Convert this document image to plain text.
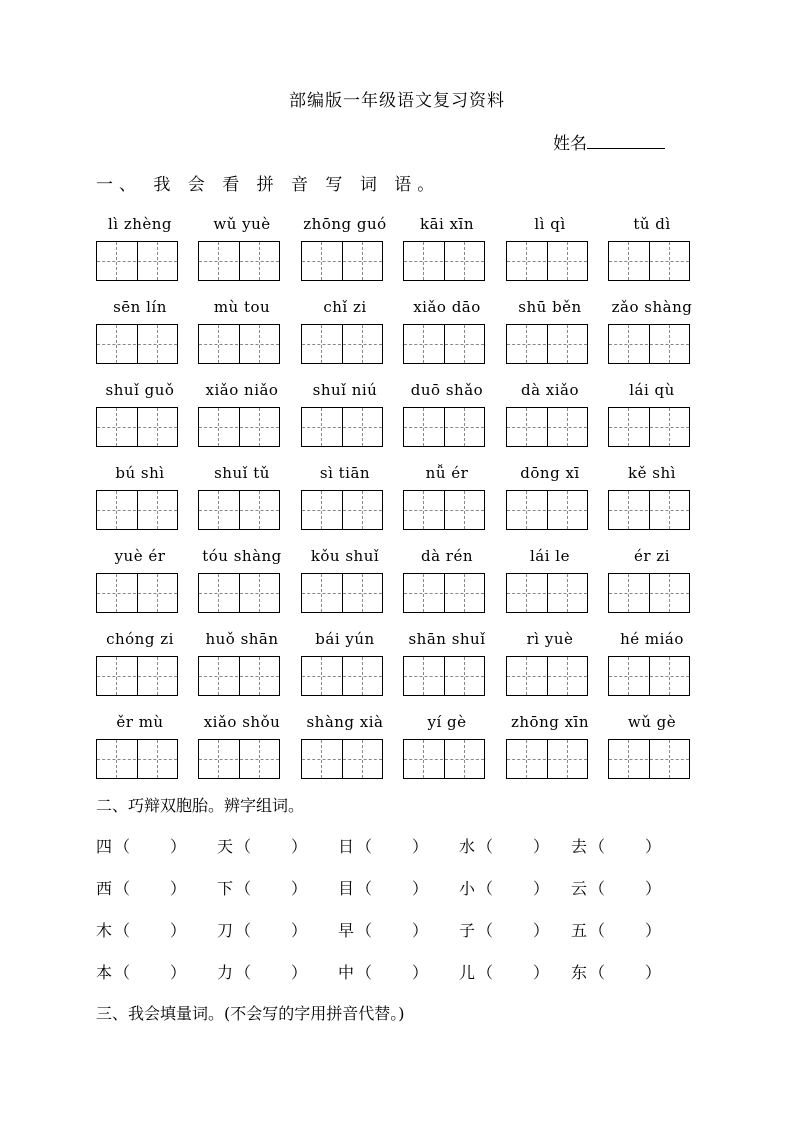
部编版一年级语文复习资料
姓名
一、 我 会 看 拼 音 写 词 语。
lì zhèng	wǔ yuè	zhōng guó	kāi xīn	lì qì	tǔ dì
sēn lín	mù tou	chǐ zi	xiǎo dāo	shū běn	zǎo shàng
shuǐ guǒ	xiǎo niǎo	shuǐ niú	duō shǎo	dà xiǎo	lái qù
bú shì	shuǐ tǔ	sì tiān	nǚ ér	dōng xī	kě shì
yuè ér	tóu shàng	kǒu shuǐ	dà rén	lái le	ér zi
chóng zi	huǒ shān	bái yún	shān shuǐ	rì yuè	hé miáo
ěr mù	xiǎo shǒu	shàng xià	yí gè	zhōng xīn	wǔ gè
二、巧辩双胞胎。辨字组词。
四 （	） 天 （	） 日 （	） 水 （	） 去 （	）
西 （	） 下 （	） 目 （	） 小 （	） 云 （	）
木 （	） 刀 （	） 早 （	） 子 （	） 五 （	）
本 （	） 力 （	） 中 （	） 儿 （	） 东 （	）
三、我会填量词。(不会写的字用拼音代替。)
